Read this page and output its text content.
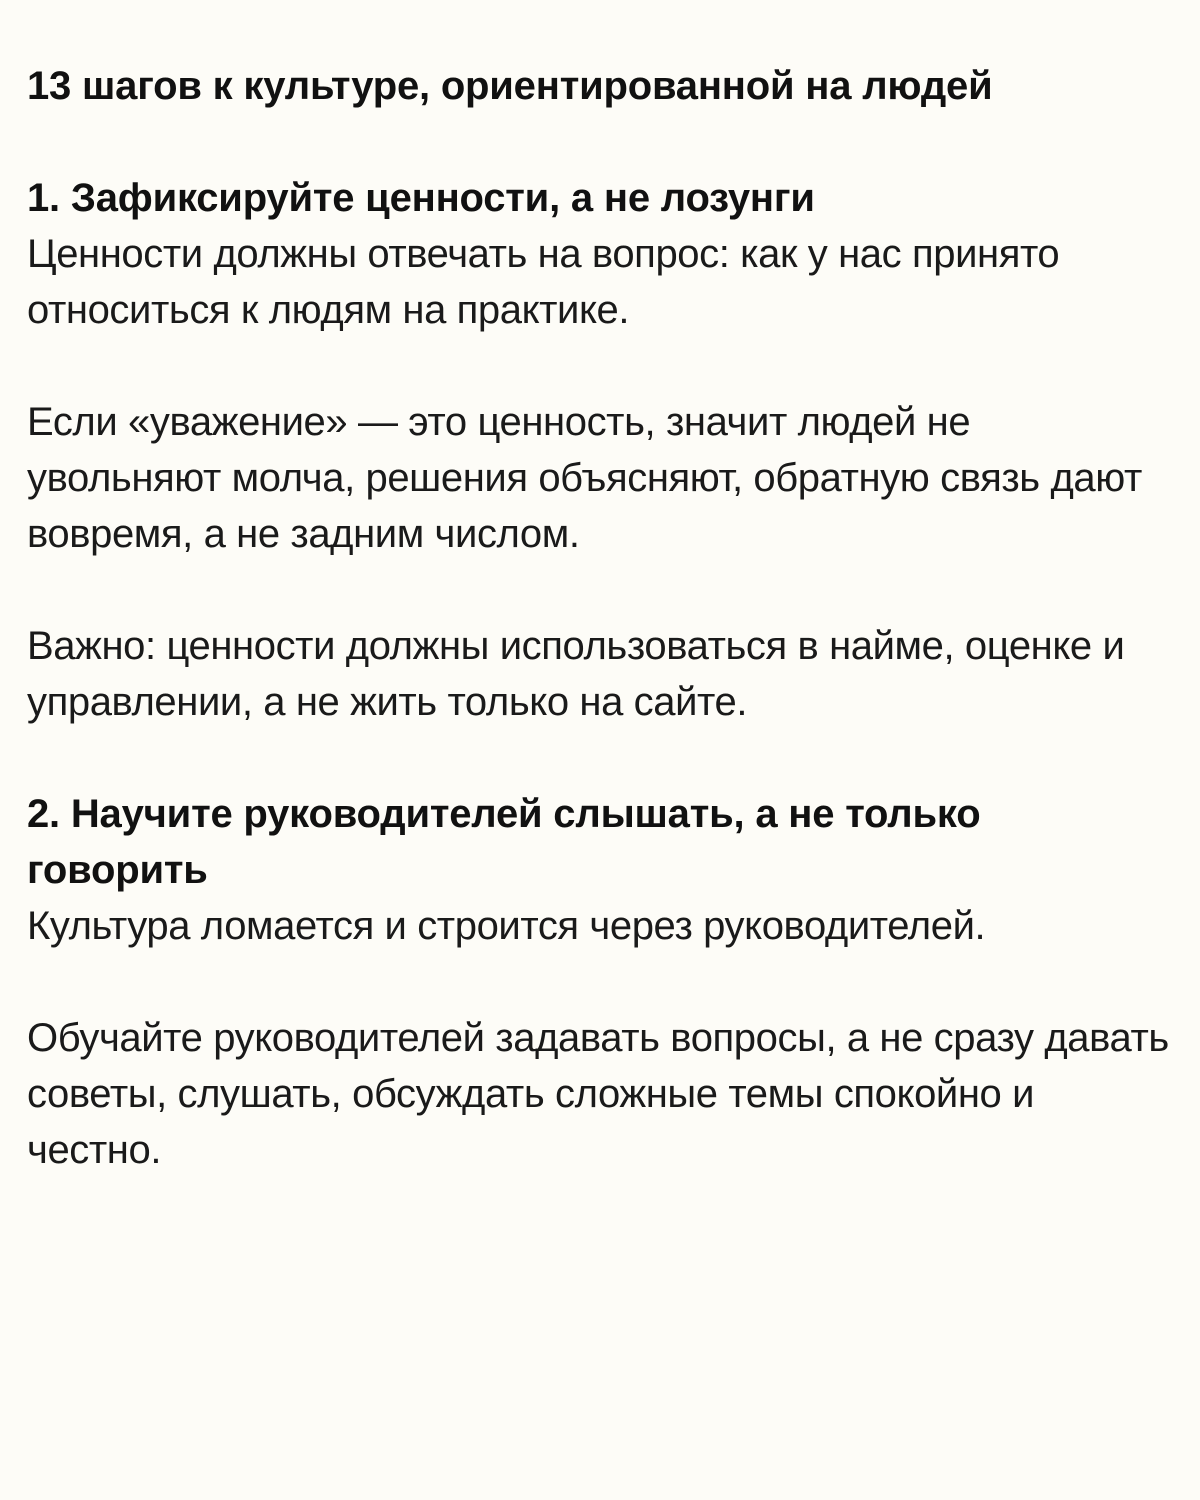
13 шагов к культуре, ориентированной на людей
1. Зафиксируйте ценности, а не лозунги

Ценности должны отвечать на вопрос: как у нас принято относиться к людям на практике.

Если «уважение» — это ценность, значит людей не увольняют молча, решения объясняют, обратную связь дают вовремя, а не задним числом.

Важно: ценности должны использоваться в найме, оценке и управлении, а не жить только на сайте.

2. Научите руководителей слышать, а не только говорить

Культура ломается и строится через руководителей.

Обучайте руководителей задавать вопросы, а не сразу давать советы, слушать, обсуждать сложные темы спокойно и честно.
